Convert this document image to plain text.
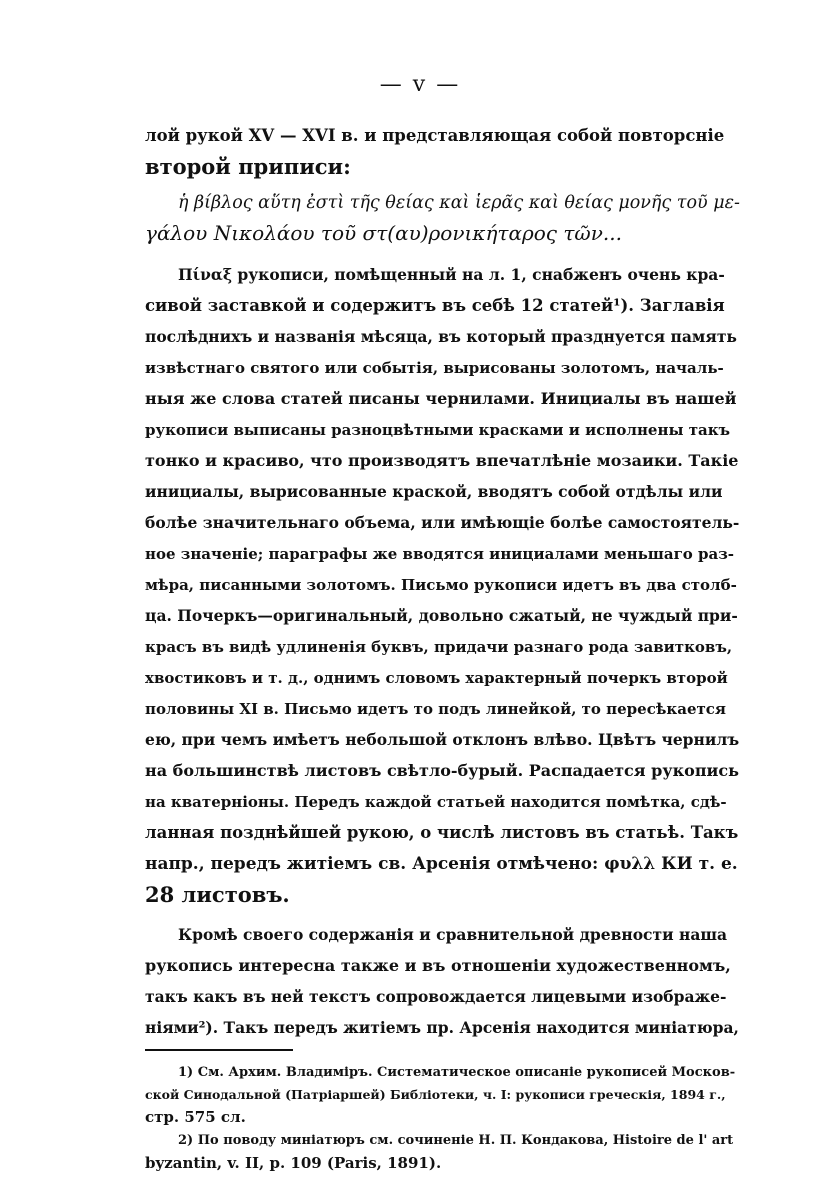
— v —
лой рукой XV — XVI в. и представляющая собой повторсніе
второй приписи:
ἡ βίβλος αὕτη ἐστὶ τῆς θείας καὶ ἱερᾶς καὶ θείας μονῆς τοῦ με-
γάλου Νικολάου τοῦ στ(αυ)ρονικήταρος τῶν...
Πίναξ рукописи, помѣщенный на л. 1, снабженъ очень кра-
сивой заставкой и содержитъ въ себѣ 12 статей¹). Заглавія
послѣднихъ и названія мѣсяца, въ который празднуется память
извѣстнаго святого или событія, вырисованы золотомъ, началь-
ныя же слова статей писаны чернилами. Инициалы въ нашей
рукописи выписаны разноцвѣтными красками и исполнены такъ
тонко и красиво, что производятъ впечатлѣніе мозаики. Такіе
инициалы, вырисованные краской, вводятъ собой отдѣлы или
болѣе значительнаго объема, или имѣющіе болѣе самостоятель-
ное значеніе; параграфы же вводятся инициалами меньшаго раз-
мѣра, писанными золотомъ. Письмо рукописи идетъ въ два столб-
ца. Почеркъ—оригинальный, довольно сжатый, не чуждый при-
красъ въ видѣ удлиненія буквъ, придачи разнаго рода завитковъ,
хвостиковъ и т. д., однимъ словомъ характерный почеркъ второй
половины XI в. Письмо идетъ то подъ линейкой, то пересѣкается
ею, при чемъ имѣетъ небольшой отклонъ влѣво. Цвѣтъ чернилъ
на большинствѣ листовъ свѣтло-бурый. Распадается рукопись
на кватерніоны. Передъ каждой статьей находится помѣтка, сдѣ-
ланная позднѣйшей рукою, о числѣ листовъ въ статьѣ. Такъ
напр., передъ житіемъ св. Арсенія отмѣчено: φυλλ КИ т. е.
28 листовъ.
Кромѣ своего содержанія и сравнительной древности наша
рукопись интересна также и въ отношеніи художественномъ,
такъ какъ въ ней текстъ сопровождается лицевыми изображе-
ніями²). Такъ передъ житіемъ пр. Арсенія находится миніатюра,
1) См. Архим. Владиміръ. Систематическое описаніе рукописей Москов-
ской Синодальной (Патріаршей) Библіотеки, ч. I: рукописи греческія, 1894 г.,
стр. 575 сл.
2) По поводу миніатюръ см. сочиненіе Н. П. Кондакова, Histoire de l' art
byzantin, v. II, p. 109 (Paris, 1891).
